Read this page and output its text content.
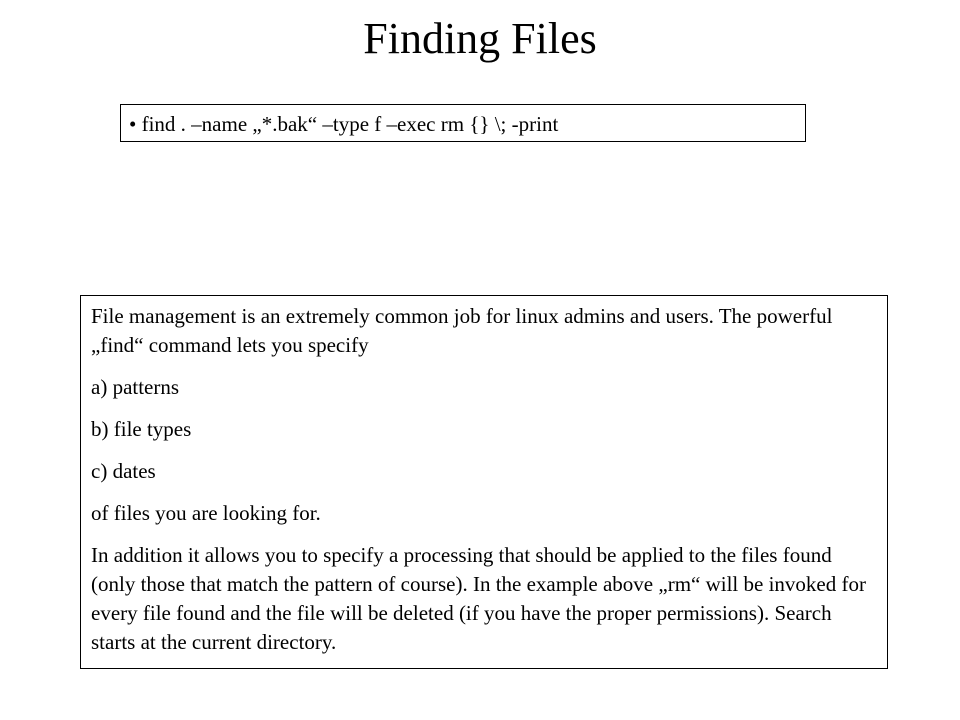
Finding Files
• find . –name „*.bak“ –type f –exec rm {} \; -print

File management is an extremely common job for linux admins and users. The powerful „find“ command lets you specify

a) patterns

b) file types

c) dates

of files you are looking for.

In addition it allows you to specify a processing that should be applied to the files found (only those that match the pattern of course). In the example above „rm“ will be invoked for every file found and the file will be deleted (if you have the proper permissions). Search starts at the current directory.
